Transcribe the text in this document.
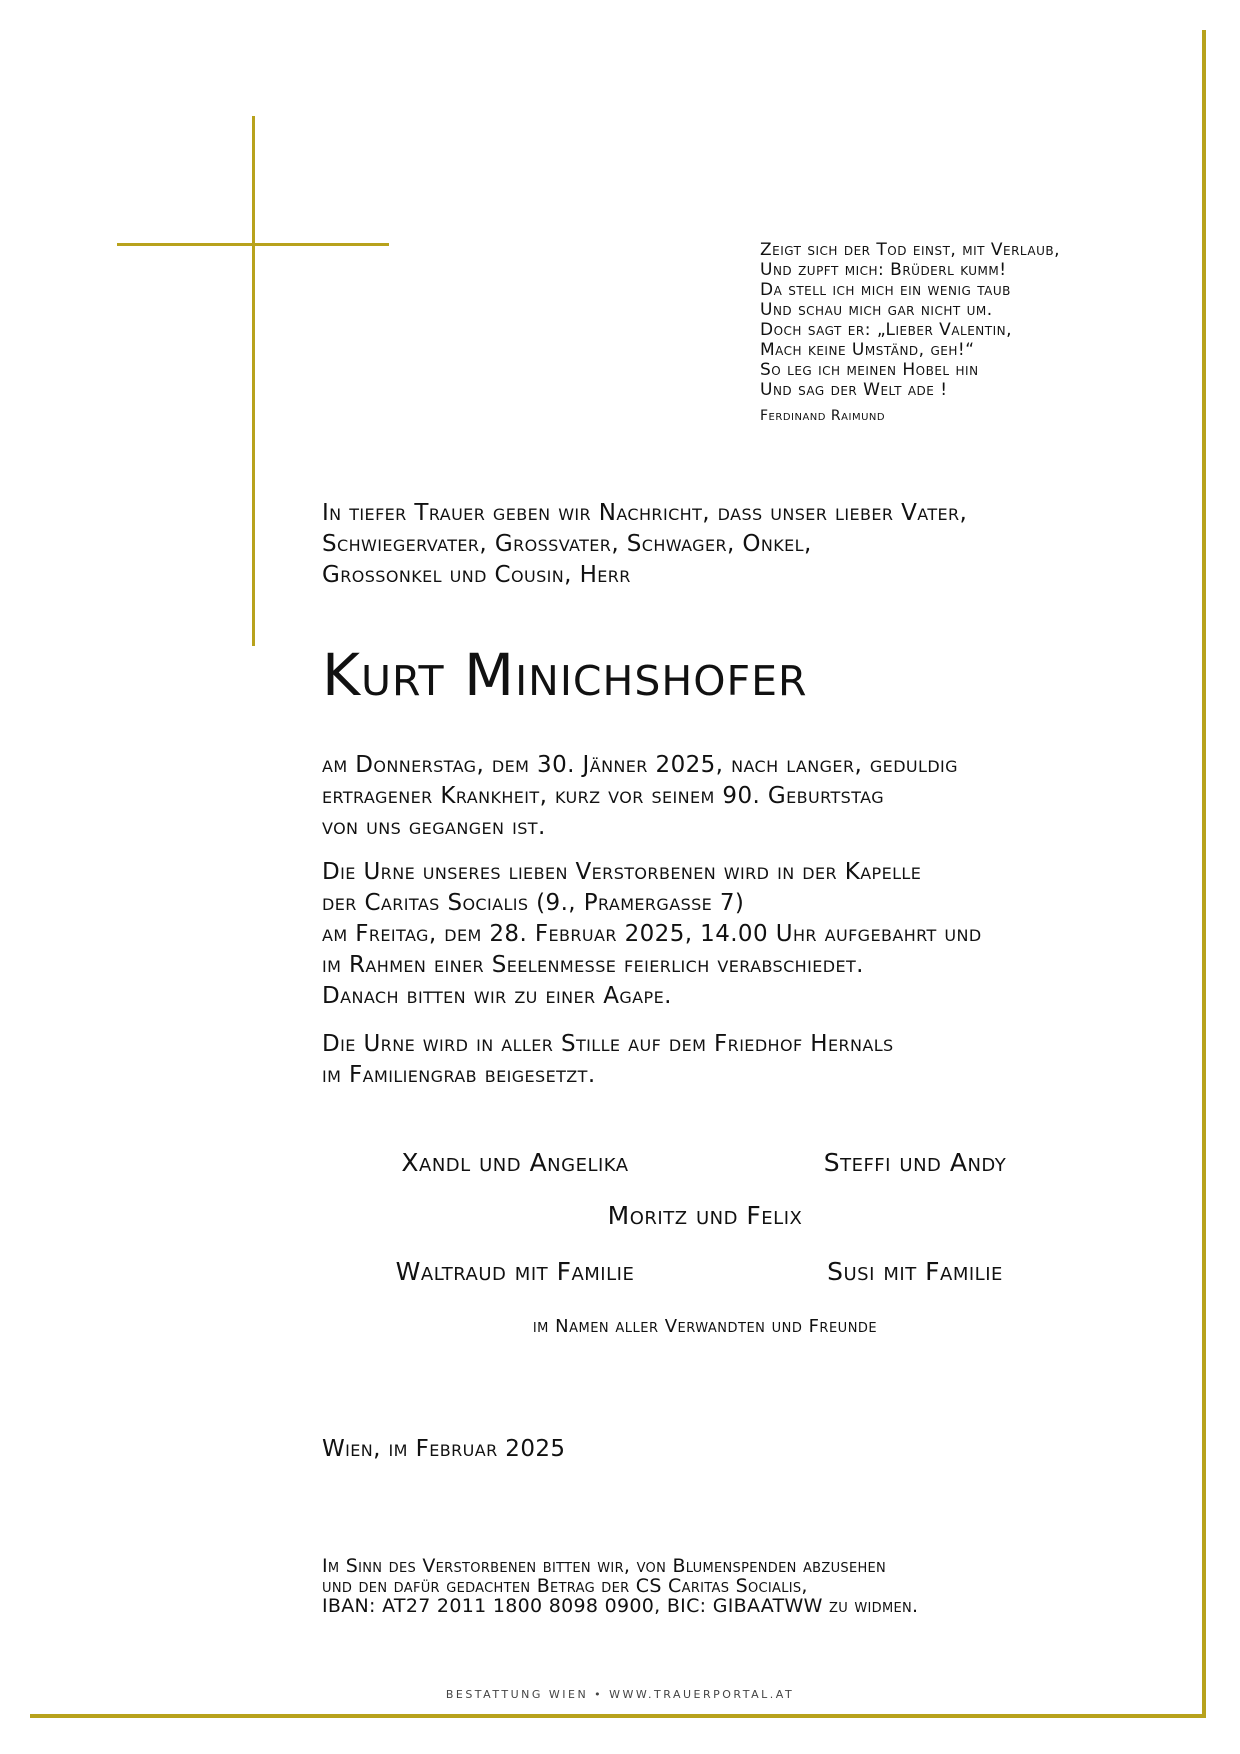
Zeigt sich der Tod einst, mit Verlaub,
Und zupft mich: Brüderl kumm!
Da stell ich mich ein wenig taub
Und schau mich gar nicht um.
Doch sagt er: „Lieber Valentin,
Mach keine Umständ, geh!“
So leg ich meinen Hobel hin
Und sag der Welt ade !
Ferdinand Raimund
In tiefer Trauer geben wir Nachricht, dass unser lieber Vater,
Schwiegervater, Grossvater, Schwager, Onkel,
Grossonkel und Cousin, Herr
Kurt Minichshofer
am Donnerstag, dem 30. Jänner 2025, nach langer, geduldig
ertragener Krankheit, kurz vor seinem 90. Geburtstag
von uns gegangen ist.
Die Urne unseres lieben Verstorbenen wird in der Kapelle
der Caritas Socialis (9., Pramergasse 7)
am Freitag, dem 28. Februar 2025, 14.00 Uhr aufgebahrt und
im Rahmen einer Seelenmesse feierlich verabschiedet.
Danach bitten wir zu einer Agape.
Die Urne wird in aller Stille auf dem Friedhof Hernals
im Familiengrab beigesetzt.
Xandl und Angelika	Steffi und Andy
Moritz und Felix
Waltraud mit Familie	Susi mit Familie
im Namen aller Verwandten und Freunde
Wien, im Februar 2025
Im Sinn des Verstorbenen bitten wir, von Blumenspenden abzusehen
und den dafür gedachten Betrag der CS Caritas Socialis,
IBAN: AT27 2011 1800 8098 0900, BIC: GIBAATWW zu widmen.
BESTATTUNG WIEN • WWW.TRAUERPORTAL.AT
